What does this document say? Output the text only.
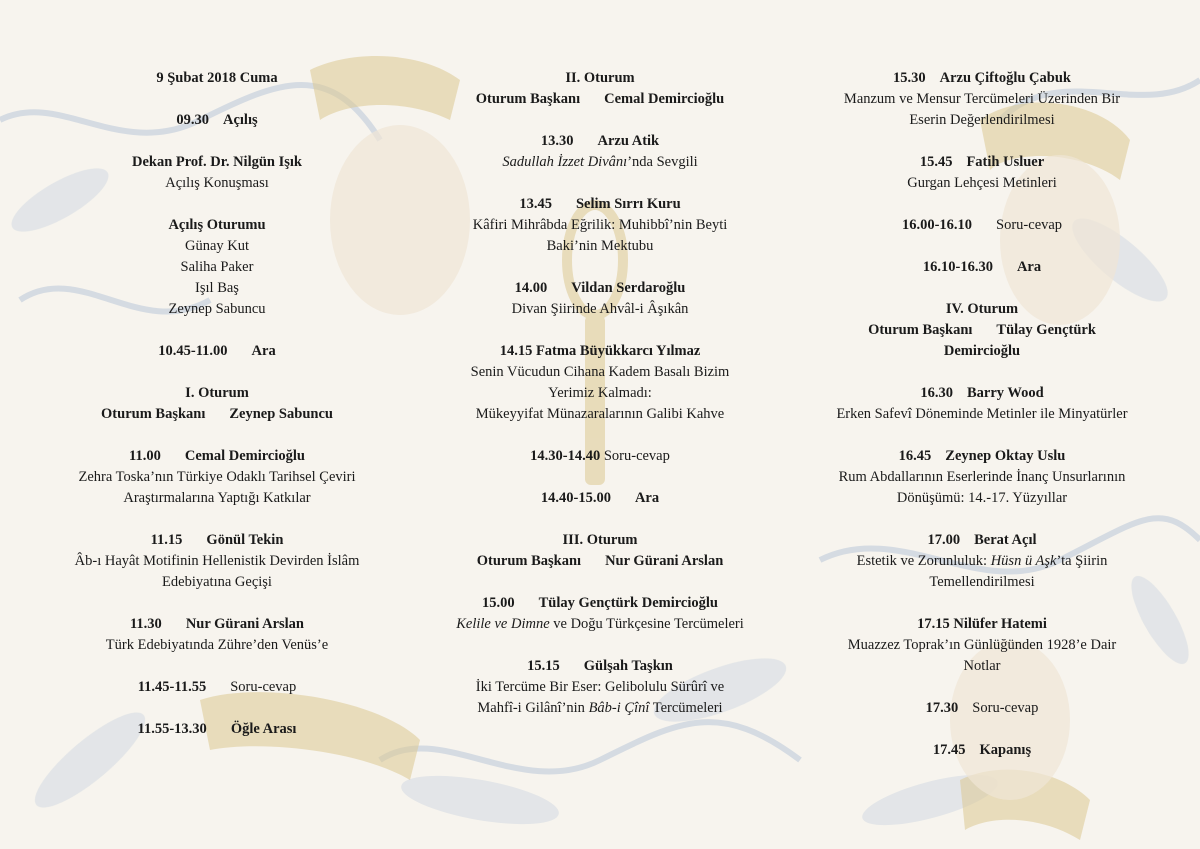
9 Şubat 2018 Cuma
09.30 Açılış
Dekan Prof. Dr. Nilgün Işık
Açılış Konuşması
Açılış Oturumu
Günay Kut
Saliha Paker
Işıl Baş
Zeynep Sabuncu
10.45-11.00 Ara
I. Oturum
Oturum Başkanı Zeynep Sabuncu
11.00 Cemal Demircioğlu
Zehra Toska’nın Türkiye Odaklı Tarihsel Çeviri
Araştırmalarına Yaptığı Katkılar
11.15 Gönül Tekin
Âb-ı Hayât Motifinin Hellenistik Devirden İslâm
Edebiyatına Geçişi
11.30 Nur Gürani Arslan
Türk Edebiyatında Zühre’den Venüs’e
11.45-11.55 Soru-cevap
11.55-13.30 Öğle Arası
II. Oturum
Oturum Başkanı Cemal Demircioğlu
13.30 Arzu Atik
Sadullah İzzet Divânı’nda Sevgili
13.45 Selim Sırrı Kuru
Kâfiri Mihrâbda Eğrilik: Muhibbî’nin Beyti
Baki’nin Mektubu
14.00 Vildan Serdaroğlu
Divan Şiirinde Ahvâl-i Âşıkân
14.15 Fatma Büyükkarcı Yılmaz
Senin Vücudun Cihana Kadem Basalı Bizim
Yerimiz Kalmadı:
Mükeyyifat Münazaralarının Galibi Kahve
14.30-14.40 Soru-cevap
14.40-15.00 Ara
III. Oturum
Oturum Başkanı Nur Gürani Arslan
15.00 Tülay Gençtürk Demircioğlu
Kelile ve Dimne ve Doğu Türkçesine Tercümeleri
15.15 Gülşah Taşkın
İki Tercüme Bir Eser: Gelibolulu Sürûrî ve
Mahfî-i Gilânî’nin Bâb-i Çînî Tercümeleri
15.30 Arzu Çiftoğlu Çabuk
Manzum ve Mensur Tercümeleri Üzerinden Bir
Eserin Değerlendirilmesi
15.45 Fatih Usluer
Gurgan Lehçesi Metinleri
16.00-16.10 Soru-cevap
16.10-16.30 Ara
IV. Oturum
Oturum Başkanı Tülay Gençtürk
Demircioğlu
16.30 Barry Wood
Erken Safevî Döneminde Metinler ile Minyatürler
16.45 Zeynep Oktay Uslu
Rum Abdallarının Eserlerinde İnanç Unsurlarının
Dönüşümü: 14.-17. Yüzyıllar
17.00 Berat Açıl
Estetik ve Zorunluluk: Hüsn ü Aşk’ta Şiirin
Temellendirilmesi
17.15 Nilüfer Hatemi
Muazzez Toprak’ın Günlüğünden 1928’e Dair
Notlar
17.30 Soru-cevap
17.45 Kapanış
